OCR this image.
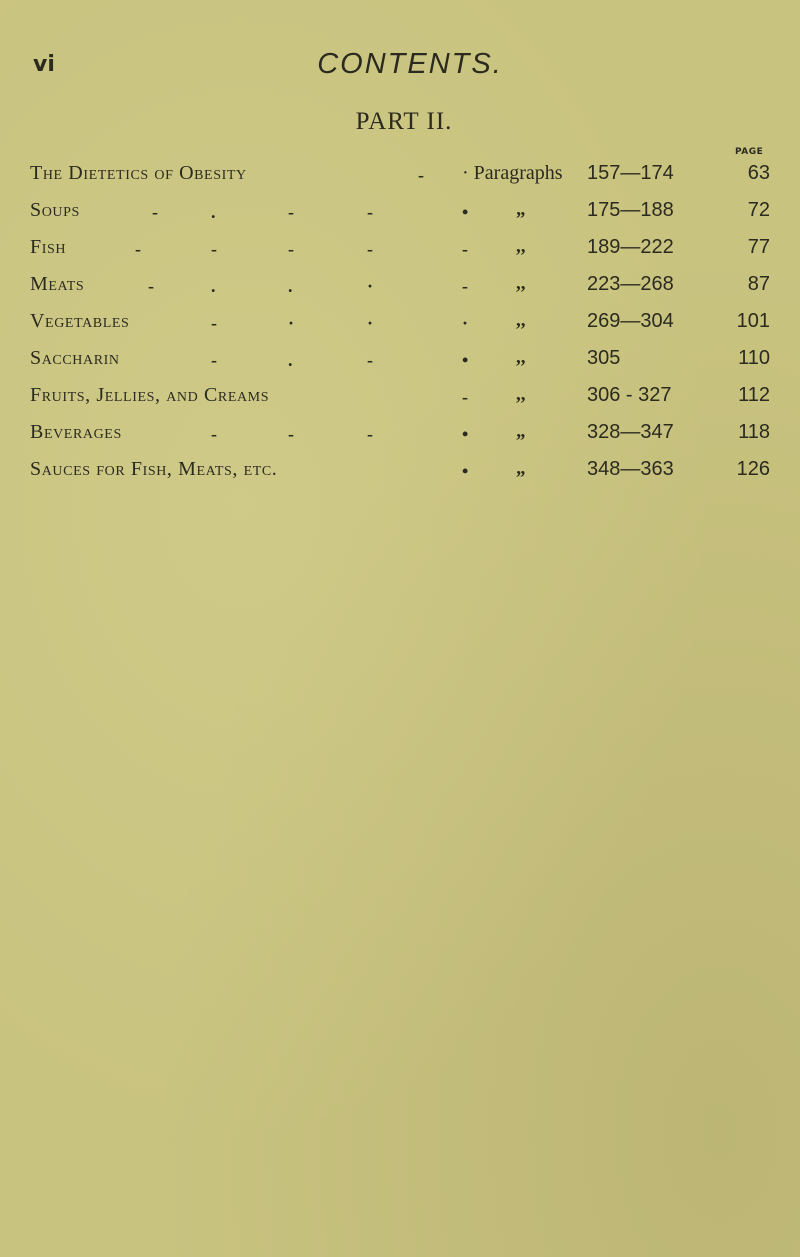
vi	CONTENTS.
PART II.
PAGE
The Dietetics of Obesity	- · Paragraphs 157—174	63
Soups	-	.	-	-	•	„	175—188	72
Fish	-	-	-	-	-	,,	189—222	77
Meats	-	.	.	·	-	,,	223—268	87
Vegetables	-	·	·	·	,,	269—304	101
Saccharin	-	.	-	•	,,	305	110
Fruits, Jellies, and Creams	-	,,	306 - 327	112
Beverages	-	-	-	•	„	328—347	118
Sauces for Fish, Meats, etc.	•	„	348—363	126
